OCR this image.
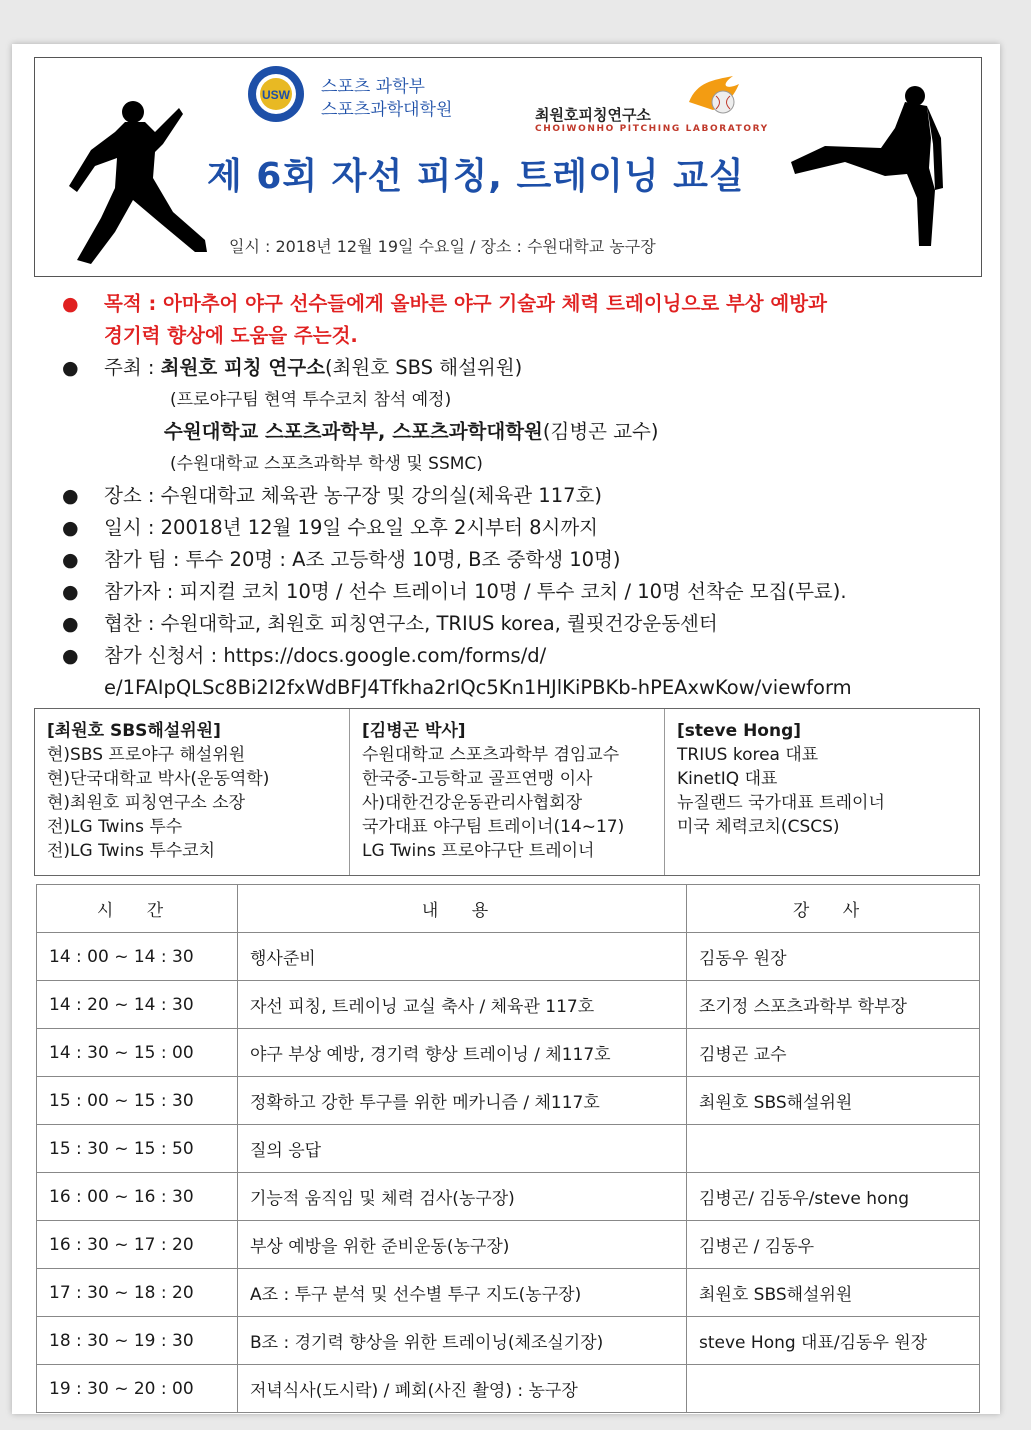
USW 스포츠 과학부
스포츠과학대학원	최원호피칭연구소
CHOIWONHO PITCHING LABORATORY
제 6회 자선 피칭, 트레이닝 교실
일시 : 2018년 12월 19일 수요일 / 장소 : 수원대학교 농구장
● 목적 : 아마추어 야구 선수들에게 올바른 야구 기술과 체력 트레이닝으로 부상 예방과
경기력 향상에 도움을 주는것.
● 주최 : 최원호 피칭 연구소(최원호 SBS 해설위원)
(프로야구팀 현역 투수코치 참석 예정)
수원대학교 스포츠과학부, 스포츠과학대학원(김병곤 교수)
(수원대학교 스포츠과학부 학생 및 SSMC)
● 장소 : 수원대학교 체육관 농구장 및 강의실(체육관 117호)
● 일시 : 20018년 12월 19일 수요일 오후 2시부터 8시까지
● 참가 팀 : 투수 20명 : A조 고등학생 10명, B조 중학생 10명)
● 참가자 : 피지컬 코치 10명 / 선수 트레이너 10명 / 투수 코치 / 10명 선착순 모집(무료).
● 협찬 : 수원대학교, 최원호 피칭연구소, TRIUS korea, 퀄핏건강운동센터
● 참가 신청서 : https://docs.google.com/forms/d/
e/1FAIpQLSc8Bi2I2fxWdBFJ4Tfkha2rIQc5Kn1HJlKiPBKb-hPEAxwKow/viewform
[최원호 SBS해설위원]
현)SBS 프로야구 해설위원
현)단국대학교 박사(운동역학)
현)최원호 피칭연구소 소장
전)LG Twins 투수
전)LG Twins 투수코치
[김병곤 박사]
수원대학교 스포츠과학부 겸임교수
한국중-고등학교 골프연맹 이사
사)대한건강운동관리사협회장
국가대표 야구팀 트레이너(14~17)
LG Twins 프로야구단 트레이너
[steve Hong]
TRIUS korea 대표
KinetIQ 대표
뉴질랜드 국가대표 트레이너
미국 체력코치(CSCS)
시 간	내 용	강 사
14 : 00 ~ 14 : 30	행사준비	김동우 원장
14 : 20 ~ 14 : 30	자선 피칭, 트레이닝 교실 축사 / 체육관 117호	조기정 스포츠과학부 학부장
14 : 30 ~ 15 : 00	야구 부상 예방, 경기력 향상 트레이닝 / 체117호	김병곤 교수
15 : 00 ~ 15 : 30	정확하고 강한 투구를 위한 메카니즘 / 체117호	최원호 SBS해설위원
15 : 30 ~ 15 : 50	질의 응답	
16 : 00 ~ 16 : 30	기능적 움직임 및 체력 검사(농구장)	김병곤/ 김동우/steve hong
16 : 30 ~ 17 : 20	부상 예방을 위한 준비운동(농구장)	김병곤 / 김동우
17 : 30 ~ 18 : 20	A조 : 투구 분석 및 선수별 투구 지도(농구장)	최원호 SBS해설위원
18 : 30 ~ 19 : 30	B조 : 경기력 향상을 위한 트레이닝(체조실기장)	steve Hong 대표/김동우 원장
19 : 30 ~ 20 : 00	저녁식사(도시락) / 폐회(사진 촬영) : 농구장	
